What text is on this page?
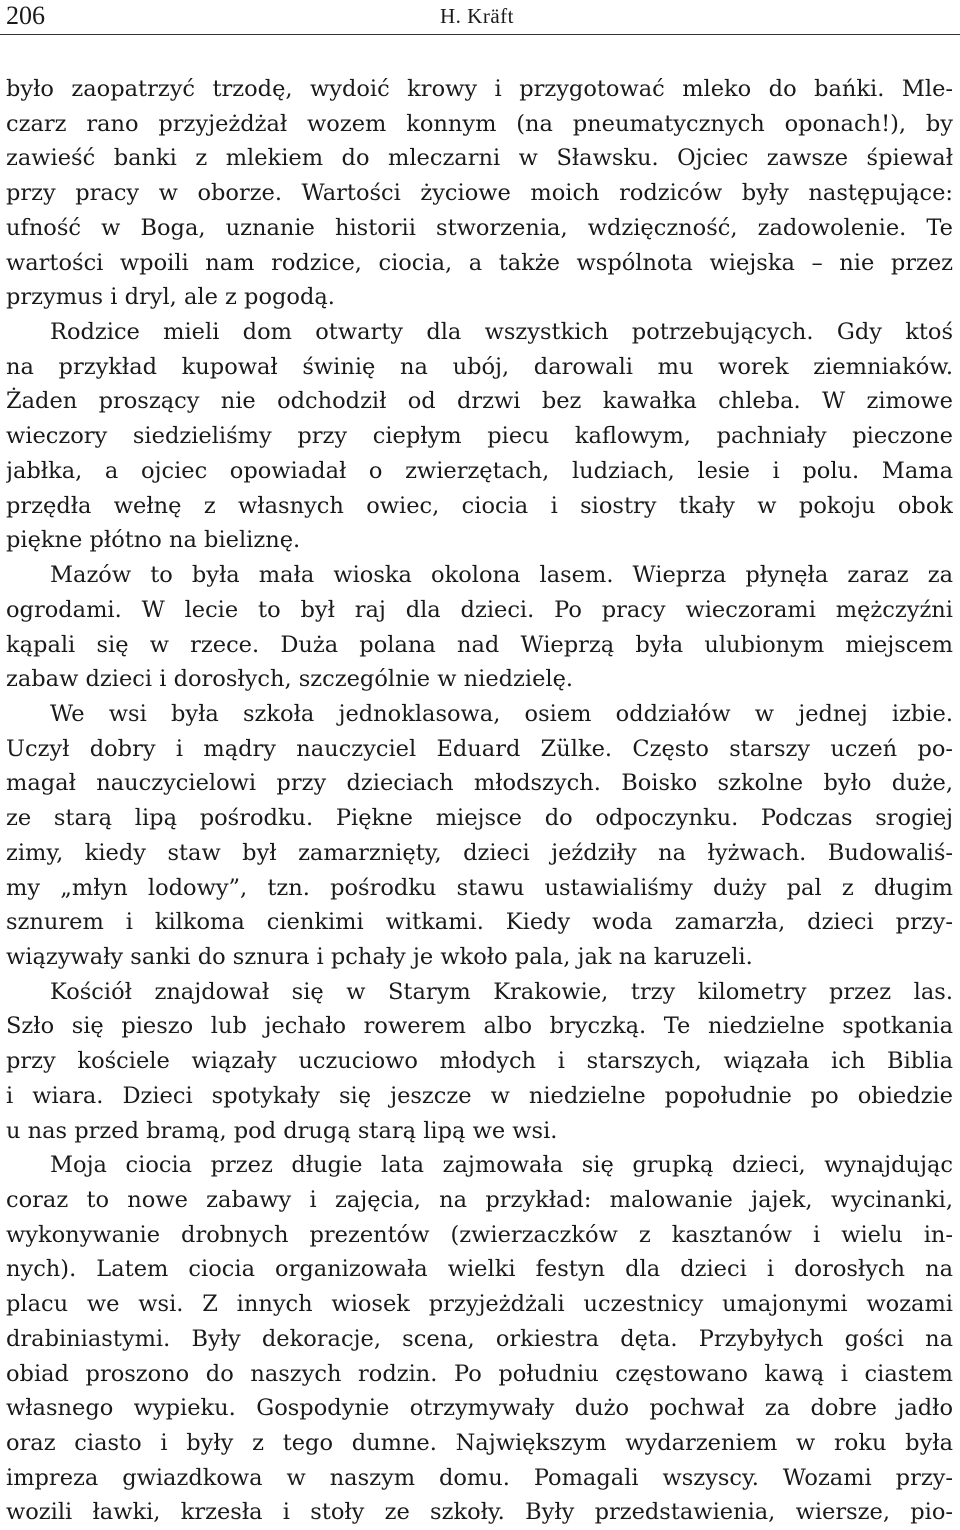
206	H. Kräft
było zaopatrzyć trzodę, wydoić krowy i przygotować mleko do bańki. Mle-
czarz rano przyjeżdżał wozem konnym (na pneumatycznych oponach!), by
zawieść banki z mlekiem do mleczarni w Sławsku. Ojciec zawsze śpiewał
przy pracy w oborze. Wartości życiowe moich rodziców były następujące:
ufność w Boga, uznanie historii stworzenia, wdzięczność, zadowolenie. Te
wartości wpoili nam rodzice, ciocia, a także wspólnota wiejska – nie przez
przymus i dryl, ale z pogodą.
Rodzice mieli dom otwarty dla wszystkich potrzebujących. Gdy ktoś
na przykład kupował świnię na ubój, darowali mu worek ziemniaków.
Żaden proszący nie odchodził od drzwi bez kawałka chleba. W zimowe
wieczory siedzieliśmy przy ciepłym piecu kaflowym, pachniały pieczone
jabłka, a ojciec opowiadał o zwierzętach, ludziach, lesie i polu. Mama
przędła wełnę z własnych owiec, ciocia i siostry tkały w pokoju obok
piękne płótno na bieliznę.
Mazów to była mała wioska okolona lasem. Wieprza płynęła zaraz za
ogrodami. W lecie to był raj dla dzieci. Po pracy wieczorami mężczyźni
kąpali się w rzece. Duża polana nad Wieprzą była ulubionym miejscem
zabaw dzieci i dorosłych, szczególnie w niedzielę.
We wsi była szkoła jednoklasowa, osiem oddziałów w jednej izbie.
Uczył dobry i mądry nauczyciel Eduard Zülke. Często starszy uczeń po-
magał nauczycielowi przy dzieciach młodszych. Boisko szkolne było duże,
ze starą lipą pośrodku. Piękne miejsce do odpoczynku. Podczas srogiej
zimy, kiedy staw był zamarznięty, dzieci jeździły na łyżwach. Budowaliś-
my „młyn lodowy”, tzn. pośrodku stawu ustawialiśmy duży pal z długim
sznurem i kilkoma cienkimi witkami. Kiedy woda zamarzła, dzieci przy-
wiązywały sanki do sznura i pchały je wkoło pala, jak na karuzeli.
Kościół znajdował się w Starym Krakowie, trzy kilometry przez las.
Szło się pieszo lub jechało rowerem albo bryczką. Te niedzielne spotkania
przy kościele wiązały uczuciowo młodych i starszych, wiązała ich Biblia
i wiara. Dzieci spotykały się jeszcze w niedzielne popołudnie po obiedzie
u nas przed bramą, pod drugą starą lipą we wsi.
Moja ciocia przez długie lata zajmowała się grupką dzieci, wynajdując
coraz to nowe zabawy i zajęcia, na przykład: malowanie jajek, wycinanki,
wykonywanie drobnych prezentów (zwierzaczków z kasztanów i wielu in-
nych). Latem ciocia organizowała wielki festyn dla dzieci i dorosłych na
placu we wsi. Z innych wiosek przyjeżdżali uczestnicy umajonymi wozami
drabiniastymi. Były dekoracje, scena, orkiestra dęta. Przybyłych gości na
obiad proszono do naszych rodzin. Po południu częstowano kawą i ciastem
własnego wypieku. Gospodynie otrzymywały dużo pochwał za dobre jadło
oraz ciasto i były z tego dumne. Największym wydarzeniem w roku była
impreza gwiazdkowa w naszym domu. Pomagali wszyscy. Wozami przy-
wozili ławki, krzesła i stoły ze szkoły. Były przedstawienia, wiersze, pio-
